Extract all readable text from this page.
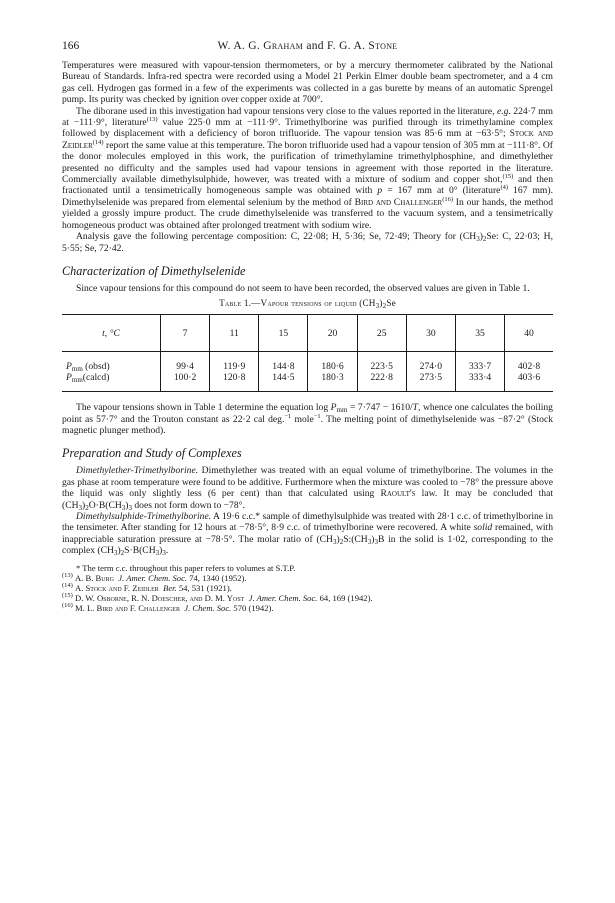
166	W. A. G. Graham and F. G. A. Stone

Temperatures were measured with vapour-tension thermometers, or by a mercury thermometer calibrated by the National Bureau of Standards. Infra-red spectra were recorded using a Model 21 Perkin Elmer double beam spectrometer, and a 4 cm gas cell. Hydrogen gas formed in a few of the experiments was collected in a gas burette by means of an automatic Sprengel pump. Its purity was checked by ignition over copper oxide at 700°.

The diborane used in this investigation had vapour tensions very close to the values reported in the literature, e.g. 224·7 mm at −111·9°, literature$^{(13)}$ value 225·0 mm at −111·9°. Trimethylborine was purified through its trimethylamine complex followed by displacement with a deficiency of boron trifluoride. The vapour tension was 85·6 mm at −63·5°; Stock and Zeidler$^{(14)}$ report the same value at this temperature. The boron trifluoride used had a vapour tension of 305 mm at −111·8°. Of the donor molecules employed in this work, the purification of trimethylamine trimethylphosphine, and dimethylether presented no difficulty and the samples used had vapour tensions in agreement with those reported in the literature. Commercially available dimethylsulphide, however, was treated with a mixture of sodium and copper shot,$^{(15)}$ and then fractionated until a tensimetrically homogeneous sample was obtained with p = 167 mm at 0° (literature$^{(4)}$ 167 mm). Dimethylselenide was prepared from elemental selenium by the method of Bird and Challenger$^{(16)}$ In our hands, the method yielded a grossly impure product. The crude dimethylselenide was transferred to the vacuum system, and a tensimetrically homogeneous product was obtained after prolonged treatment with sodium wire.

Analysis gave the following percentage composition: C, 22·08; H, 5·36; Se, 72·49; Theory for $(CH_3)_2Se$: C, 22·03; H, 5·55; Se, 72·42.

Characterization of Dimethylselenide

Since vapour tensions for this compound do not seem to have been recorded, the observed values are given in Table 1.

Table 1.—Vapour tensions of liquid $(CH_3)_2Se$
t, °C	7	11	15	20	25	30	35	40
$P_{mm}$ (obsd)	99·4	119·9	144·8	180·6	223·5	274·0	333·7	402·8
$P_{mm}(calcd)$	100·2	120·8	144·5	180·3	222·8	273·5	333·4	403·6

The vapour tensions shown in Table 1 determine the equation $\log P_{mm} = 7\cdot 747 - 1610/T$, whence one calculates the boiling point as 57·7° and the Trouton constant as 22·2 cal deg.$^{-1}$ mole$^{-1}$. The melting point of dimethylselenide was −87·2° (Stock magnetic plunger method).

Preparation and Study of Complexes

Dimethylether-Trimethylborine. Dimethylether was treated with an equal volume of trimethylborine. The volumes in the gas phase at room temperature were found to be additive. Furthermore when the mixture was cooled to −78° the pressure above the liquid was only slightly less (6 per cent) than that calculated using Raoult's law. It may be concluded that $(CH_3)_2O\cdot B(CH_3)_3$ does not form down to −78°.

Dimethylsulphide-Trimethylborine. A 19·6 c.c.* sample of dimethylsulphide was treated with 28·1 c.c. of trimethylborine in the tensimeter. After standing for 12 hours at −78·5°, 8·9 c.c. of trimethylborine were recovered. A white solid remained, with inappreciable saturation pressure at −78·5°. The molar ratio of $(CH_3)_2S:(CH_3)_3B$ in the solid is 1·02, corresponding to the complex $(CH_3)_2S\cdot B(CH_3)_3$.

* The term c.c. throughout this paper refers to volumes at S.T.P.

$^{(13)}$ A. B. Burg J. Amer. Chem. Soc. 74, 1340 (1952).

$^{(14)}$ A. Stock and F. Zeidler Ber. 54, 531 (1921).

$^{(15)}$ D. W. Osborne, R. N. Doescher, and D. M. Yost J. Amer. Chem. Soc. 64, 169 (1942).

$^{(16)}$ M. L. Bird and F. Challenger J. Chem. Soc. 570 (1942).
